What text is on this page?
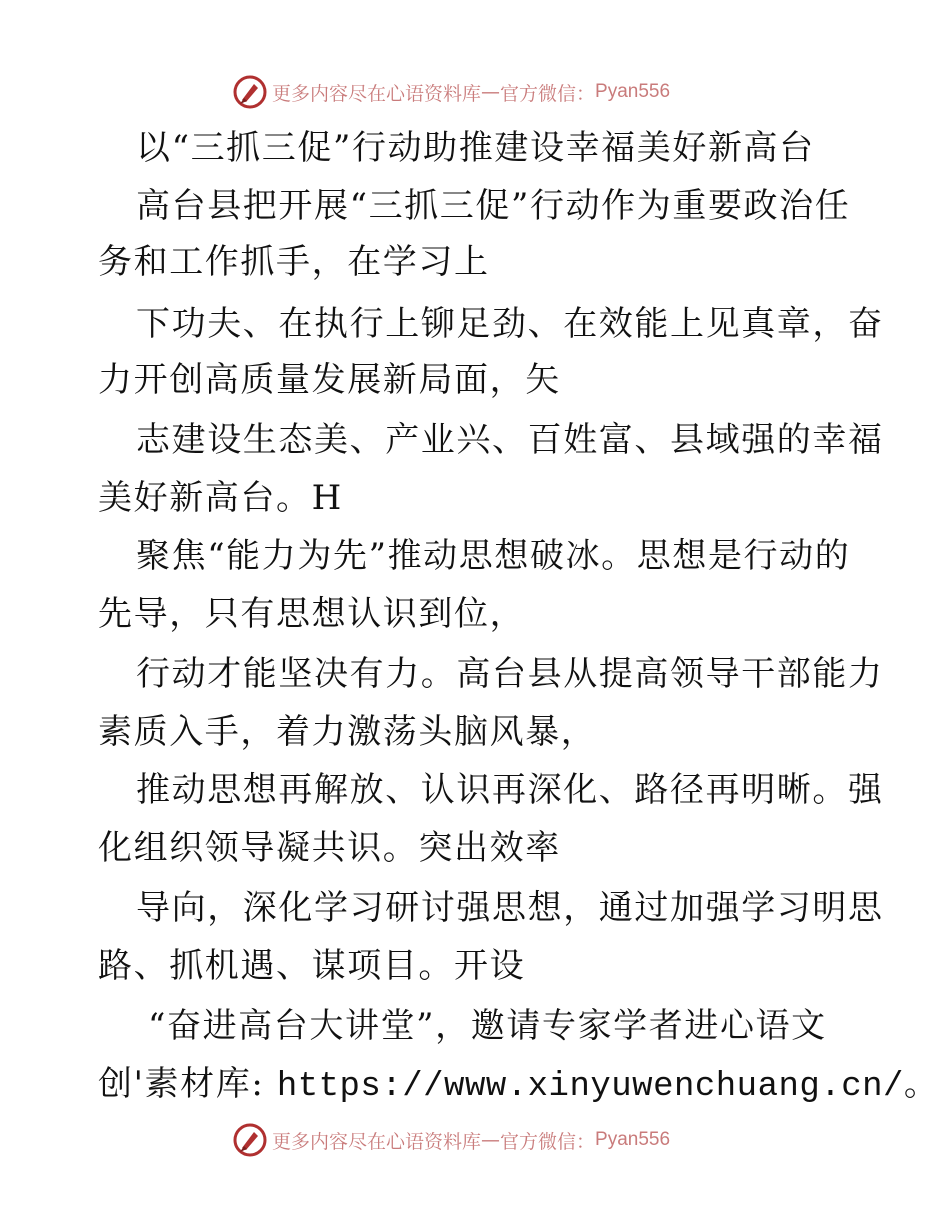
更多内容尽在心语资料库 — 官方微信： Pyan556
以“三抓三促”行动助推建设幸福美好新高台
高台县把开展“三抓三促”行动作为重要政治任
务和工作抓手，在学习上
下功夫、在执行上铆足劲、在效能上见真章，奋
力开创高质量发展新局面，矢
志建设生态美、产业兴、百姓富、县域强的幸福
美好新高台。H
聚焦“能力为先”推动思想破冰。思想是行动的
先导，只有思想认识到位，
行动才能坚决有力。高台县从提高领导干部能力
素质入手，着力激荡头脑风暴，
推动思想再解放、认识再深化、路径再明晰。强
化组织领导凝共识。突出效率
导向，深化学习研讨强思想，通过加强学习明思
路、抓机遇、谋项目。开设
“奋进高台大讲堂”，邀请专家学者进心语文
创'素材库: https://www.xinyuwenchuang.cn/。
更多内容尽在心语资料库 — 官方微信： Pyan556
